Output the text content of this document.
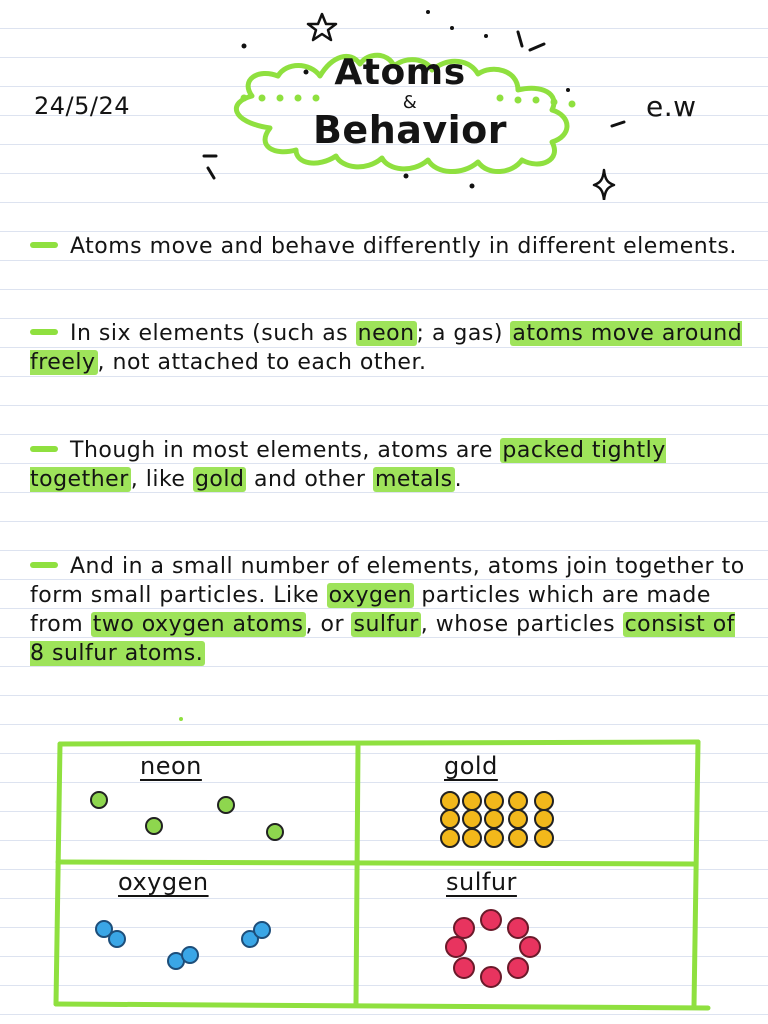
24/5/24
Atoms
&
Behavior
e.w
Atoms move and behave differently in different elements.
In six elements (such as neon; a gas) atoms move around freely, not attached to each other.
Though in most elements, atoms are packed tightly together, like gold and other metals.
And in a small number of elements, atoms join together to form small particles. Like oxygen particles which are made from two oxygen atoms, or sulfur, whose particles consist of 8 sulfur atoms.
neon	gold
oxygen	sulfur
